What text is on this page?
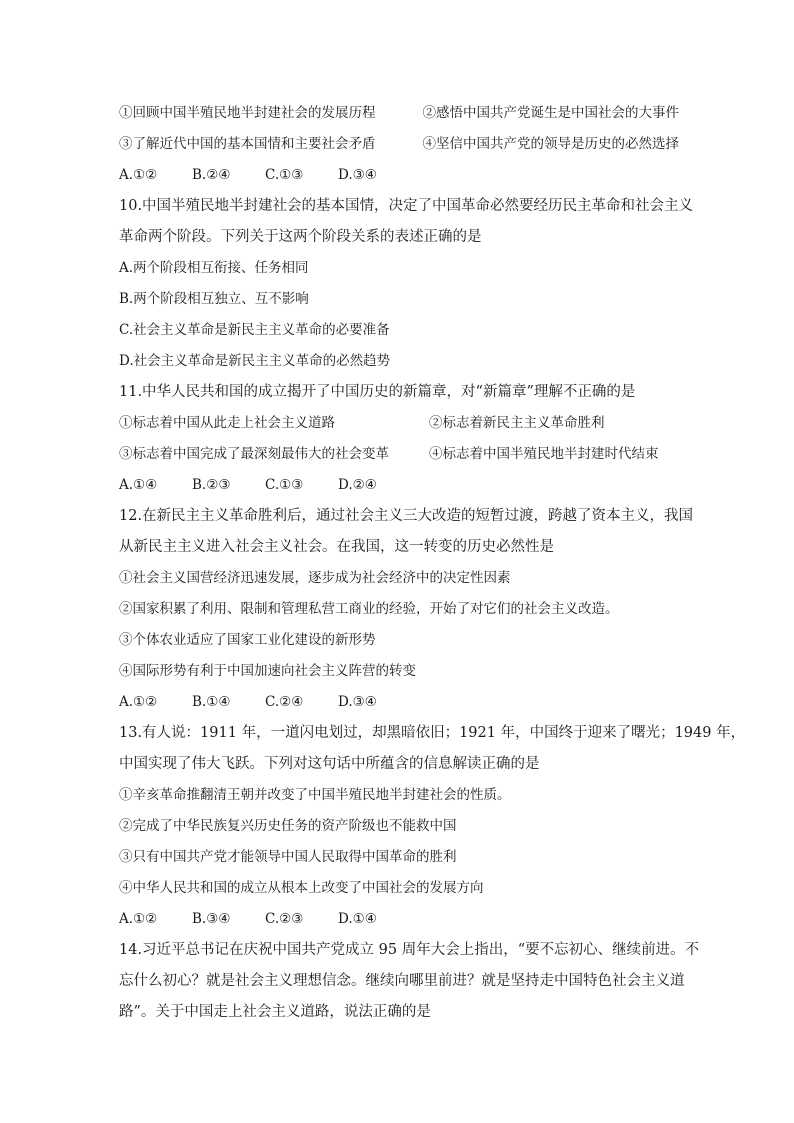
①回顾中国半殖民地半封建社会的发展历程	②感悟中国共产党诞生是中国社会的大事件
③了解近代中国的基本国情和主要社会矛盾	④坚信中国共产党的领导是历史的必然选择
A.①②	B.②④	C.①③	D.③④
10.中国半殖民地半封建社会的基本国情，决定了中国革命必然要经历民主革命和社会主义
革命两个阶段。下列关于这两个阶段关系的表述正确的是
A.两个阶段相互衔接、任务相同
B.两个阶段相互独立、互不影响
C.社会主义革命是新民主主义革命的必要准备
D.社会主义革命是新民主主义革命的必然趋势
11.中华人民共和国的成立揭开了中国历史的新篇章，对“新篇章”理解不正确的是
①标志着中国从此走上社会主义道路	②标志着新民主主义革命胜利
③标志着中国完成了最深刻最伟大的社会变革	④标志着中国半殖民地半封建时代结束
A.①④	B.②③	C.①③	D.②④
12.在新民主主义革命胜利后，通过社会主义三大改造的短暂过渡，跨越了资本主义，我国
从新民主主义进入社会主义社会。在我国，这一转变的历史必然性是
①社会主义国营经济迅速发展，逐步成为社会经济中的决定性因素
②国家积累了利用、限制和管理私营工商业的经验，开始了对它们的社会主义改造。
③个体农业适应了国家工业化建设的新形势
④国际形势有利于中国加速向社会主义阵营的转变
A.①②	B.①④	C.②④	D.③④
13.有人说：1911 年，一道闪电划过，却黑暗依旧；1921 年，中国终于迎来了曙光；1949 年，
中国实现了伟大飞跃。下列对这句话中所蕴含的信息解读正确的是
①辛亥革命推翻清王朝并改变了中国半殖民地半封建社会的性质。
②完成了中华民族复兴历史任务的资产阶级也不能救中国
③只有中国共产党才能领导中国人民取得中国革命的胜利
④中华人民共和国的成立从根本上改变了中国社会的发展方向
A.①②	B.③④	C.②③	D.①④
14.习近平总书记在庆祝中国共产党成立 95 周年大会上指出，“要不忘初心、继续前进。不
忘什么初心？就是社会主义理想信念。继续向哪里前进？就是坚持走中国特色社会主义道
路”。关于中国走上社会主义道路，说法正确的是
